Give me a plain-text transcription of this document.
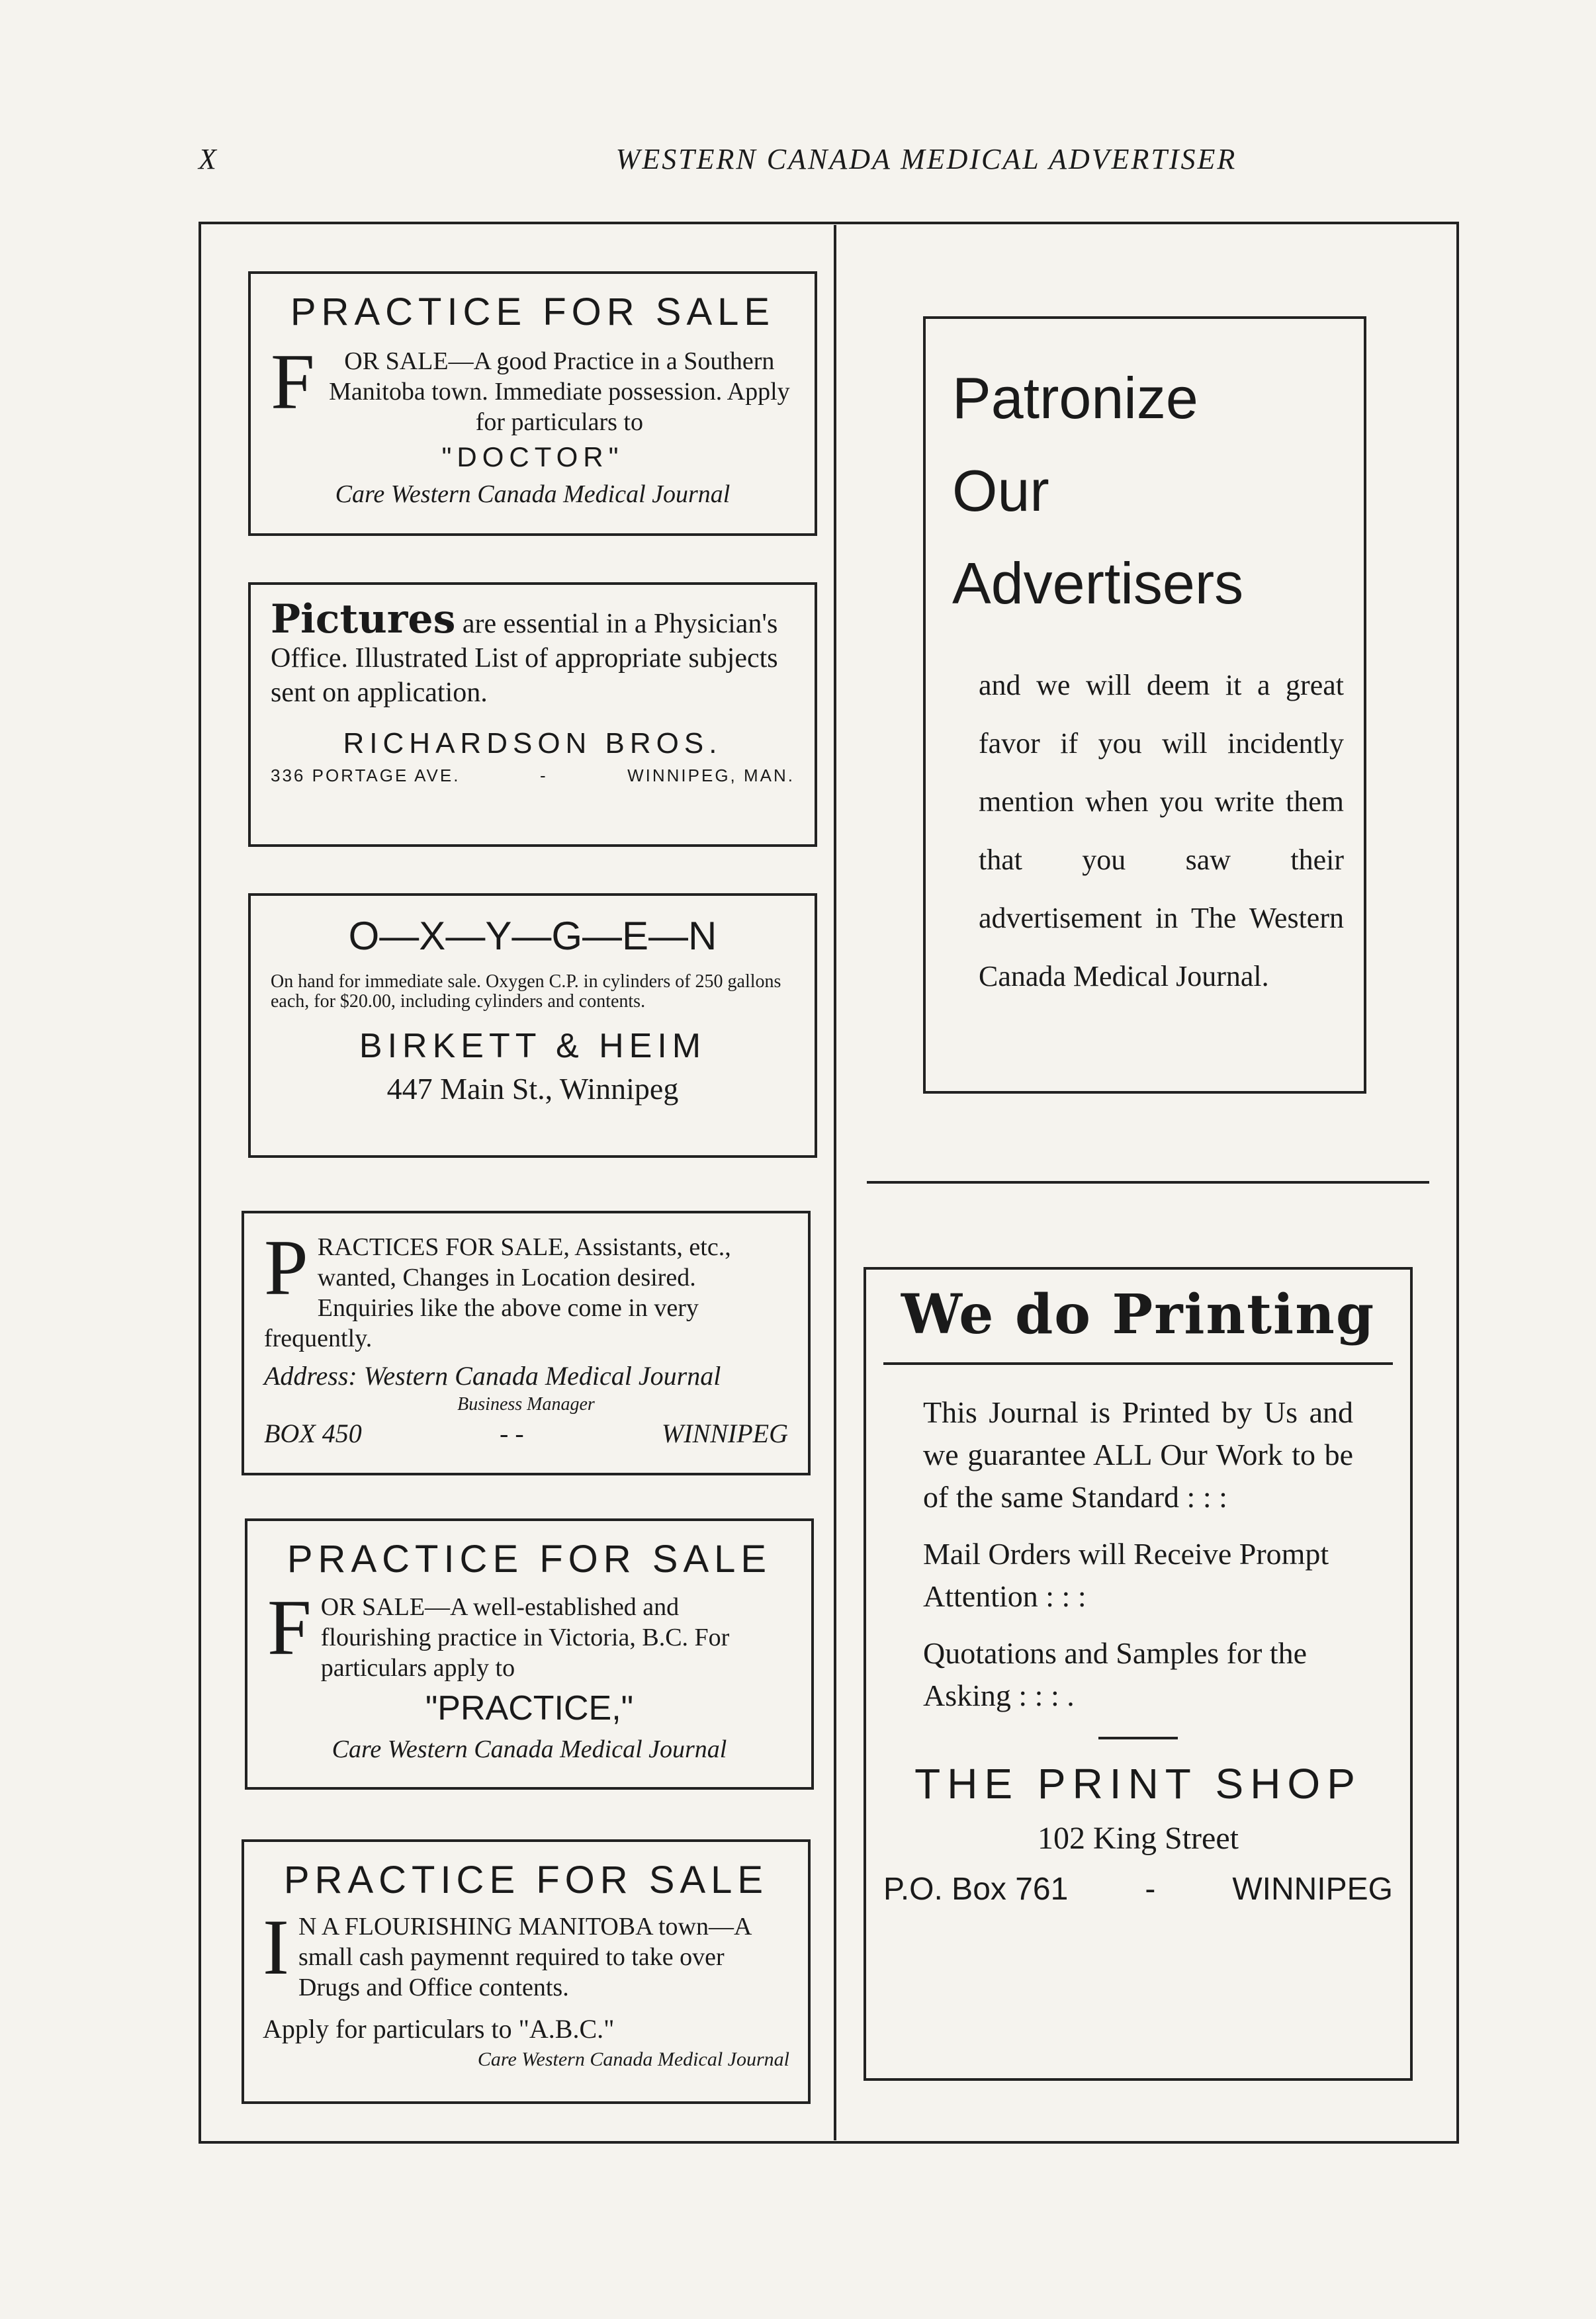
X	WESTERN CANADA MEDICAL ADVERTISER
PRACTICE FOR SALE
F	OR SALE—A good Practice in a Southern Manitoba town. Immediate possession. Apply for particulars to

"DOCTOR"

Care Western Canada Medical Journal

Pictures are essential in a Physician's Office. Illustrated List of appropriate subjects sent on application.

RICHARDSON BROS.

336 PORTAGE AVE.	-	WINNIPEG, MAN.

O—X—Y—G—E—N

On hand for immediate sale. Oxygen C.P. in cylinders of 250 gallons each, for $20.00, including cylinders and contents.

BIRKETT & HEIM

447 Main St., Winnipeg

P RACTICES FOR SALE, Assistants, etc., wanted, Changes in Location desired. Enquiries like the above come in very frequently.

Address: Western Canada Medical Journal

Business Manager

BOX 450	- -	WINNIPEG

PRACTICE FOR SALE
F OR SALE—A well-established and flourishing practice in Victoria, B.C. For particulars apply to

"PRACTICE,"

Care Western Canada Medical Journal

PRACTICE FOR SALE
I N A FLOURISHING MANITOBA town—A small cash paymennt required to take over Drugs and Office contents.

Apply for particulars to "A.B.C."

Care Western Canada Medical Journal

Patronize

Our

Advertisers

and we will deem it a great favor if you will incidently mention when you write them that you saw their advertisement in The Western Canada Medical Journal.

We do Printing

This Journal is Printed by Us and we guarantee ALL Our Work to be of the same Standard : : :

Mail Orders will Receive Prompt Attention : : :

Quotations and Samples for the Asking : : : .

THE PRINT SHOP

102 King Street

P.O. Box 761 - WINNIPEG
